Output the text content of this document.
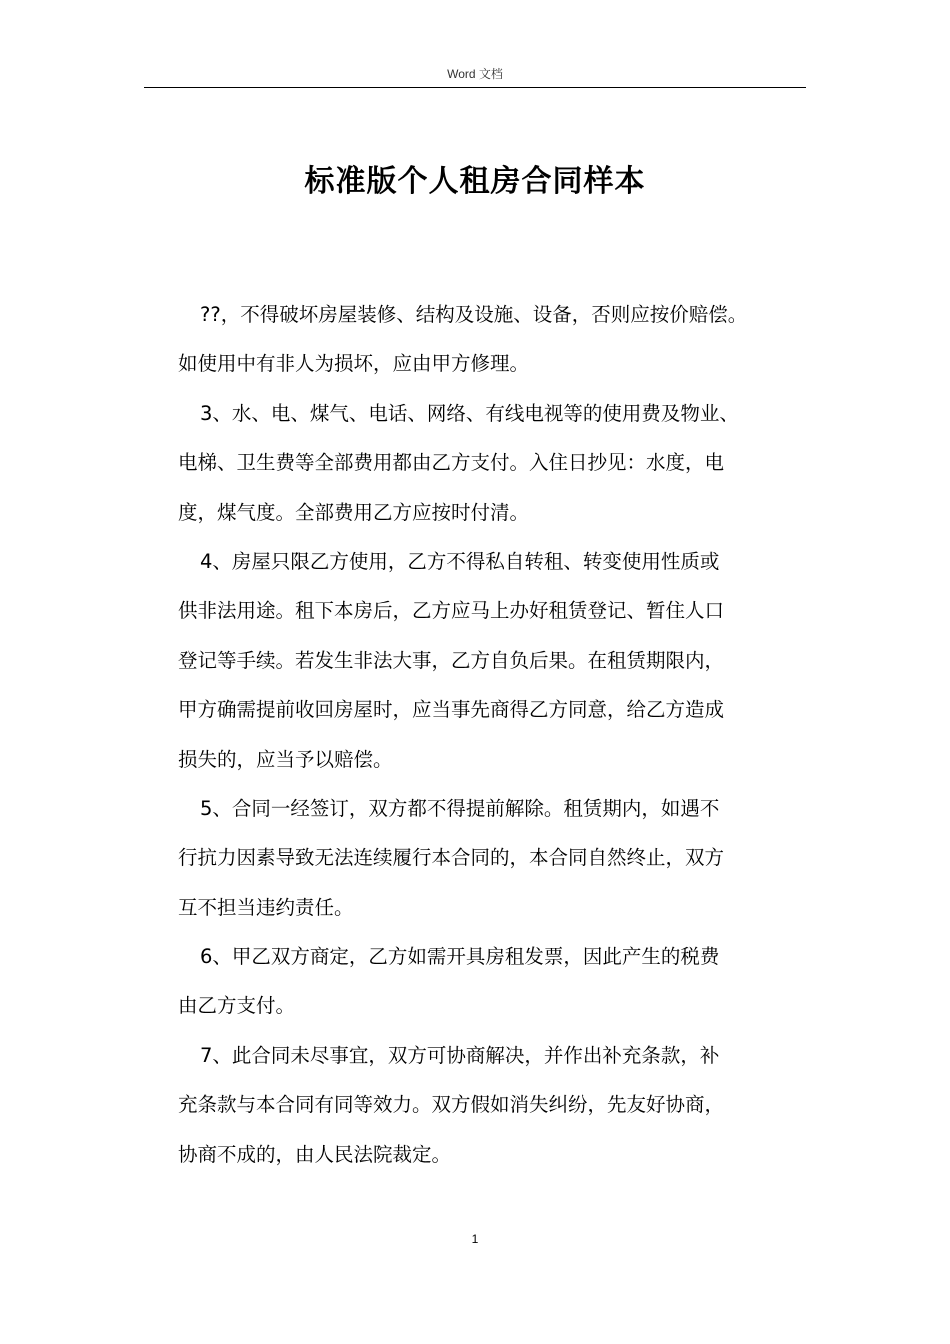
Word 文档
标准版个人租房合同样本
??，不得破坏房屋装修、结构及设施、设备，否则应按价赔偿。
如使用中有非人为损坏，应由甲方修理。
3、水、电、煤气、电话、网络、有线电视等的使用费及物业、
电梯、卫生费等全部费用都由乙方支付。入住日抄见：水度，电
度，煤气度。全部费用乙方应按时付清。
4、房屋只限乙方使用，乙方不得私自转租、转变使用性质或
供非法用途。租下本房后，乙方应马上办好租赁登记、暂住人口
登记等手续。若发生非法大事，乙方自负后果。在租赁期限内，
甲方确需提前收回房屋时，应当事先商得乙方同意，给乙方造成
损失的，应当予以赔偿。
5、合同一经签订，双方都不得提前解除。租赁期内，如遇不
行抗力因素导致无法连续履行本合同的，本合同自然终止，双方
互不担当违约责任。
6、甲乙双方商定，乙方如需开具房租发票，因此产生的税费
由乙方支付。
7、此合同未尽事宜，双方可协商解决，并作出补充条款，补
充条款与本合同有同等效力。双方假如消失纠纷，先友好协商，
协商不成的，由人民法院裁定。
1
